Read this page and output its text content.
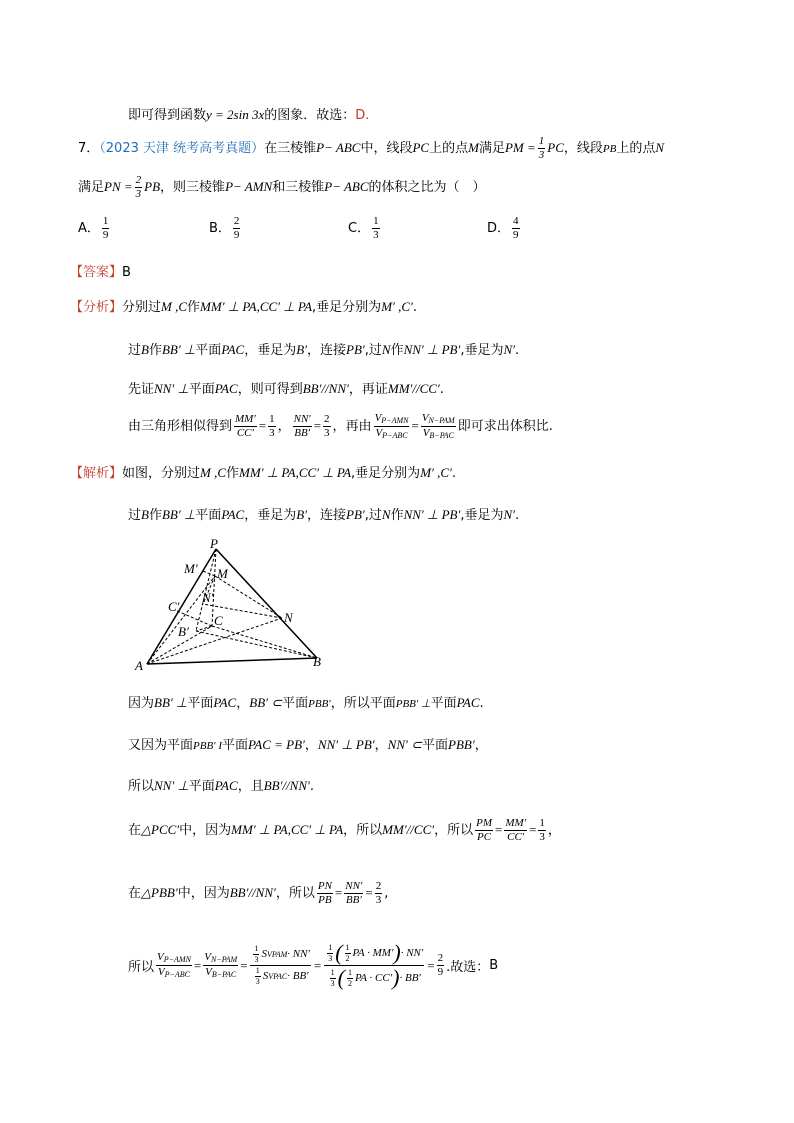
即可得到函数y = 2sin 3x的图象．故选：D.
7．（2023 天津 统考高考真题）在三棱锥P− ABC中，线段PC上的点M满足PM = $\frac{1}{3}$ PC，线段PB上的点N
满足PN = $\frac{2}{3}$ PB，则三棱锥P− AMN和三棱锥P− ABC的体积之比为（　）
A． $\frac{1}{9}$	B． $\frac{2}{9}$	C． $\frac{1}{3}$	D． $\frac{4}{9}$
【答案】B
【分析】分别过M ,C作MM′ ⊥ PA,CC′ ⊥ PA,垂足分别为M′ ,C′.
过B作BB′ ⊥平面PAC，垂足为B′，连接PB′,过N作NN′ ⊥ PB′,垂足为N′.
先证NN′ ⊥平面PAC，则可得到BB′//NN′，再证MM′//CC′.
由三角形相似得到 $\frac{MM'}{CC'} = \frac{1}{3}$ ， $\frac{NN'}{BB'} = \frac{2}{3}$ ，再由 $\frac{V_{P-AMN}}{V_{P-ABC}} = \frac{V_{N-PAM}}{V_{B-PAC}}$ 即可求出体积比.
【解析】如图，分别过M ,C作MM′ ⊥ PA,CC′ ⊥ PA,垂足分别为M′ ,C′.
过B作BB′ ⊥平面PAC，垂足为B′，连接PB′,过N作NN′ ⊥ PB′,垂足为N′.
P
M′ M
N′
C′
C
B′
N
A	B
因为BB′ ⊥平面PAC，BB′ ⊂平面PBB′，所以平面PBB′ ⊥平面PAC.
又因为平面PBB′ I平面PAC = PB′，NN′ ⊥ PB′，NN′ ⊂平面PBB′，
所以NN′ ⊥平面PAC，且BB′//NN′.
在△PCC′中，因为MM′ ⊥ PA,CC′ ⊥ PA，所以MM′//CC′，所以 $\frac{PM}{PC} = \frac{MM'}{CC'} = \frac{1}{3}$ ，
在△PBB′中，因为BB′//NN′，所以 $\frac{PN}{PB} = \frac{NN'}{BB'} = \frac{2}{3}$ ,
所以 $\frac{V_{P-AMN}}{V_{P-ABC}} = \frac{V_{N-PAM}}{V_{B-PAC}} = \frac{\frac{1}{3} S VPAM \cdot NN'}{\frac{1}{3} S VPAC \cdot BB'} = \frac{\frac{1}{3} ( \frac{1}{2} PA \cdot MM' ) \cdot NN'}{\frac{1}{3} ( \frac{1}{2} PA \cdot CC' ) \cdot BB'} = \frac{2}{9}$ .故选： B
